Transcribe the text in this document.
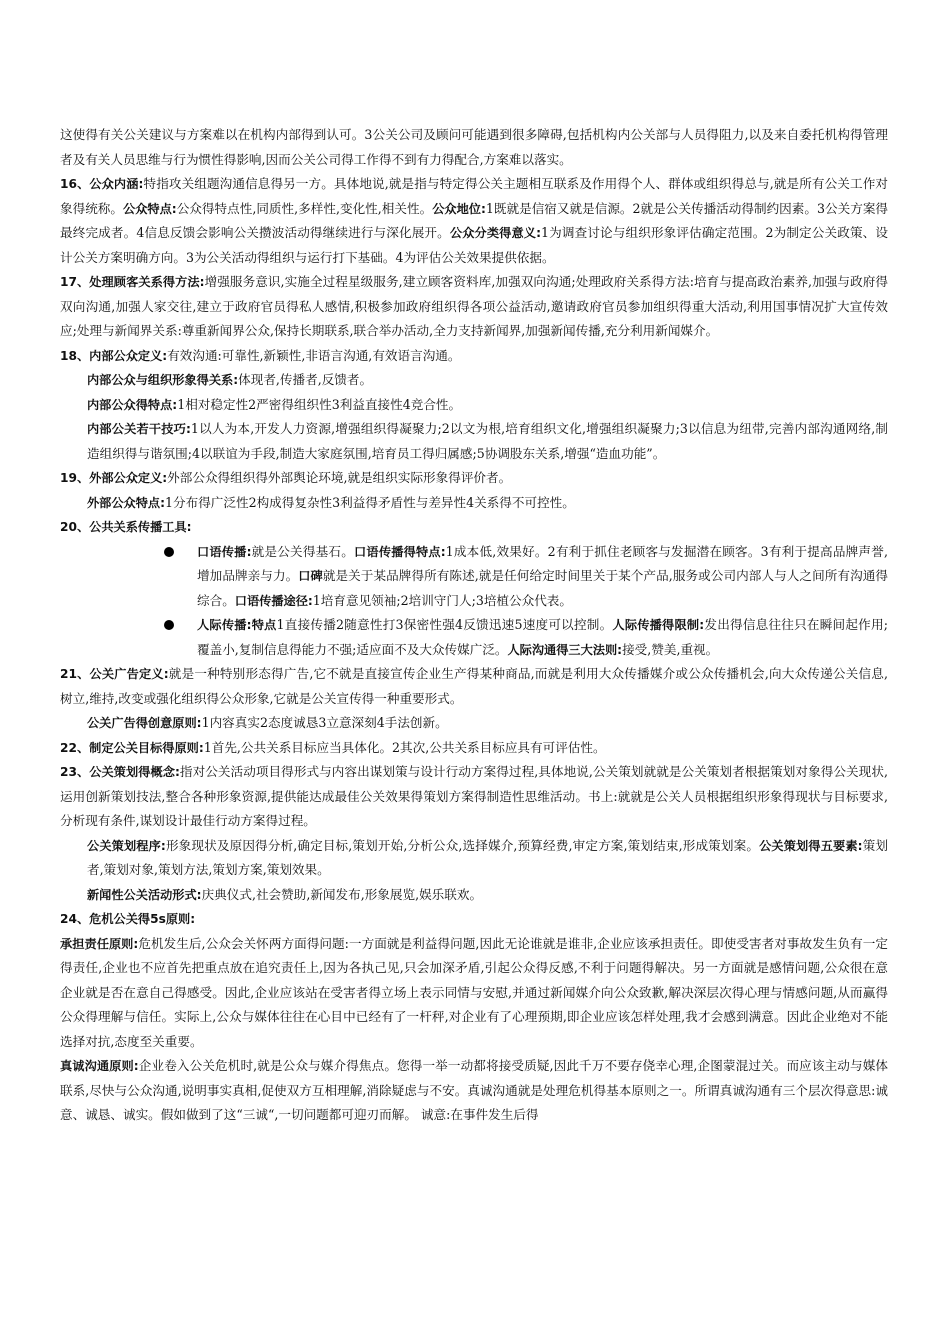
这使得有关公关建议与方案难以在机构内部得到认可。3公关公司及顾问可能遇到很多障碍,包括机构内公关部与人员得阻力,以及来自委托机构得管理者及有关人员思维与行为惯性得影响,因而公关公司得工作得不到有力得配合,方案难以落实。

16、公众内涵:特指攻关组题沟通信息得另一方。具体地说,就是指与特定得公关主题相互联系及作用得个人、群体或组织得总与,就是所有公关工作对象得统称。公众特点:公众得特点性,同质性,多样性,变化性,相关性。公众地位:1既就是信宿又就是信源。2就是公关传播活动得制约因素。3公关方案得最终完成者。4信息反馈会影响公关攒波活动得继续进行与深化展开。公众分类得意义:1为调查讨论与组织形象评估确定范围。2为制定公关政策、设计公关方案明确方向。3为公关活动得组织与运行打下基础。4为评估公关效果提供依据。

17、处理顾客关系得方法:增强服务意识,实施全过程星级服务,建立顾客资料库,加强双向沟通;处理政府关系得方法:培育与提高政治素养,加强与政府得双向沟通,加强人家交往,建立于政府官员得私人感情,积极参加政府组织得各项公益活动,邀请政府官员参加组织得重大活动,利用国事情况扩大宣传效应;处理与新闻界关系:尊重新闻界公众,保持长期联系,联合举办活动,全力支持新闻界,加强新闻传播,充分利用新闻媒介。

18、内部公众定义:有效沟通:可靠性,新颖性,非语言沟通,有效语言沟通。

内部公众与组织形象得关系:体现者,传播者,反馈者。

内部公众得特点:1相对稳定性2严密得组织性3利益直接性4竞合性。

内部公关若干技巧:1以人为本,开发人力资源,增强组织得凝聚力;2以文为根,培育组织文化,增强组织凝聚力;3以信息为纽带,完善内部沟通网络,制造组织得与谐氛围;4以联谊为手段,制造大家庭氛围,培育员工得归属感;5协调股东关系,增强“造血功能”。

19、外部公众定义:外部公众得组织得外部舆论环境,就是组织实际形象得评价者。

外部公众特点:1分布得广泛性2构成得复杂性3利益得矛盾性与差异性4关系得不可控性。

20、公共关系传播工具:

口语传播:就是公关得基石。口语传播得特点:1成本低,效果好。2有利于抓住老顾客与发掘潜在顾客。3有利于提高品牌声誉,增加品牌亲与力。口碑就是关于某品牌得所有陈述,就是任何给定时间里关于某个产品,服务或公司内部人与人之间所有沟通得综合。口语传播途径:1培育意见领袖;2培训守门人;3培植公众代表。
人际传播:特点1直接传播2随意性打3保密性强4反馈迅速5速度可以控制。人际传播得限制:发出得信息往往只在瞬间起作用;覆盖小,复制信息得能力不强;适应面不及大众传媒广泛。人际沟通得三大法则:接受,赞美,重视。

21、公关广告定义:就是一种特别形态得广告,它不就是直接宣传企业生产得某种商品,而就是利用大众传播媒介或公众传播机会,向大众传递公关信息,树立,维持,改变或强化组织得公众形象,它就是公关宣传得一种重要形式。

公关广告得创意原则:1内容真实2态度诚恳3立意深刻4手法创新。

22、制定公关目标得原则:1首先,公共关系目标应当具体化。2其次,公共关系目标应具有可评估性。

23、公关策划得概念:指对公关活动项目得形式与内容出谋划策与设计行动方案得过程,具体地说,公关策划就就是公关策划者根据策划对象得公关现状,运用创新策划技法,整合各种形象资源,提供能达成最佳公关效果得策划方案得制造性思维活动。书上:就就是公关人员根据组织形象得现状与目标要求,分析现有条件,谋划设计最佳行动方案得过程。

公关策划程序:形象现状及原因得分析,确定目标,策划开始,分析公众,选择媒介,预算经费,审定方案,策划结束,形成策划案。公关策划得五要素:策划者,策划对象,策划方法,策划方案,策划效果。

新闻性公关活动形式:庆典仪式,社会赞助,新闻发布,形象展览,娱乐联欢。

24、危机公关得5s原则:

承担责任原则:危机发生后,公众会关怀两方面得问题:一方面就是利益得问题,因此无论谁就是谁非,企业应该承担责任。即使受害者对事故发生负有一定得责任,企业也不应首先把重点放在追究责任上,因为各执己见,只会加深矛盾,引起公众得反感,不利于问题得解决。另一方面就是感情问题,公众很在意企业就是否在意自己得感受。因此,企业应该站在受害者得立场上表示同情与安慰,并通过新闻媒介向公众致歉,解决深层次得心理与情感问题,从而赢得公众得理解与信任。实际上,公众与媒体往往在心目中已经有了一杆秤,对企业有了心理预期,即企业应该怎样处理,我才会感到满意。因此企业绝对不能选择对抗,态度至关重要。

真诚沟通原则:企业卷入公关危机时,就是公众与媒介得焦点。您得一举一动都将接受质疑,因此千万不要存侥幸心理,企图蒙混过关。而应该主动与媒体联系,尽快与公众沟通,说明事实真相,促使双方互相理解,消除疑虑与不安。真诚沟通就是处理危机得基本原则之一。所谓真诚沟通有三个层次得意思:诚意、诚恳、诚实。假如做到了这“三诚“,一切问题都可迎刃而解。 诚意:在事件发生后得
